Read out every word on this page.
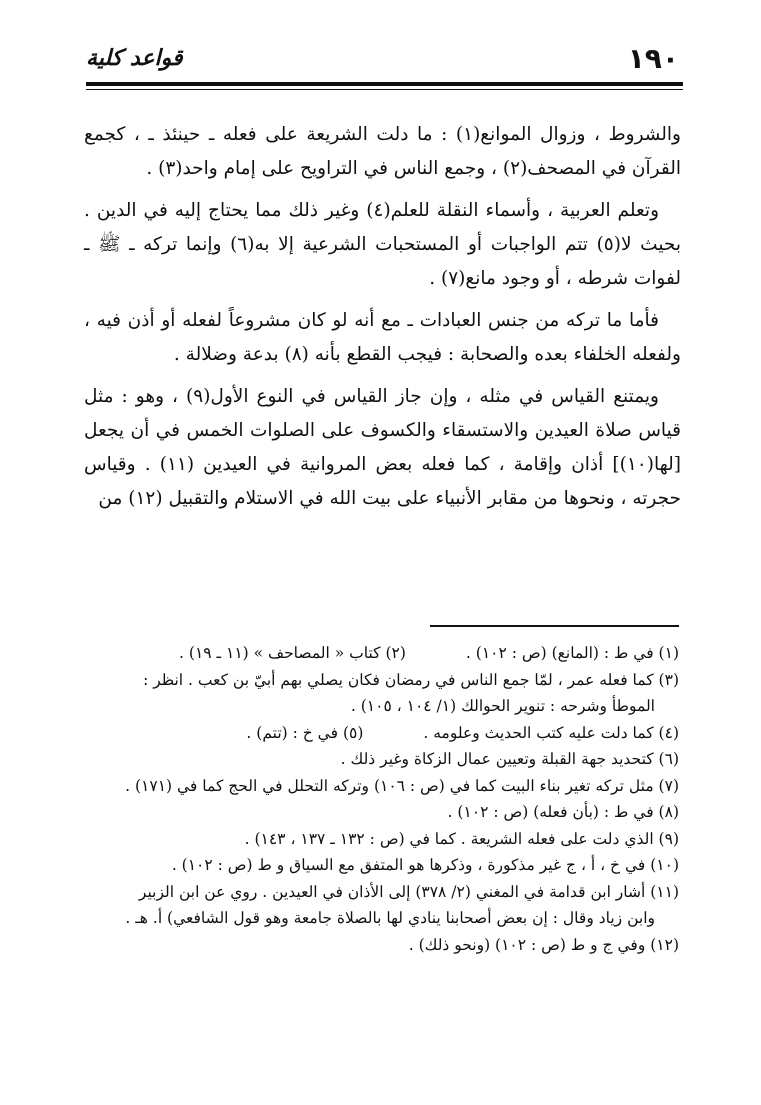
قواعد كلية	١٩٠

والشروط ، وزوال الموانع(١) : ما دلت الشريعة على فعله ـ حينئذ ـ ، كجمع القرآن في المصحف(٢) ، وجمع الناس في التراويح على إمام واحد(٣) .

وتعلم العربية ، وأسماء النقلة للعلم(٤) وغير ذلك مما يحتاج إليه في الدين . بحيث لا(٥) تتم الواجبات أو المستحبات الشرعية إلا به(٦) وإنما تركه ـ ﷺ ـ لفوات شرطه ، أو وجود مانع(٧) .

فأما ما تركه من جنس العبادات ـ مع أنه لو كان مشروعاً لفعله أو أذن فيه ، ولفعله الخلفاء بعده والصحابة : فيجب القطع بأنه (٨) بدعة وضلالة .

ويمتنع القياس في مثله ، وإن جاز القياس في النوع الأول(٩) ، وهو : مثل قياس صلاة العيدين والاستسقاء والكسوف على الصلوات الخمس في أن يجعل [لها(١٠)] أذان وإقامة ، كما فعله بعض المروانية في العيدين (١١) . وقياس حجرته ، ونحوها من مقابر الأنبياء على بيت الله في الاستلام والتقبيل (١٢) من

(١) في ط : (المانع) (ص : ١٠٢) .
(٢) كتاب « المصاحف » (١١ ـ ١٩) .

(٣) كما فعله عمر ، لمّا جمع الناس في رمضان فكان يصلي بهم أبيّ بن كعب . انظر :

الموطأ وشرحه : تنوير الحوالك (١/ ١٠٤ ، ١٠٥) .

(٤) كما دلت عليه كتب الحديث وعلومه .
(٥) في خ : (تتم) .

(٦) كتحديد جهة القبلة وتعيين عمال الزكاة وغير ذلك .

(٧) مثل تركه تغير بناء البيت كما في (ص : ١٠٦) وتركه التحلل في الحج كما في (١٧١) .

(٨) في ط : (بأن فعله) (ص : ١٠٢) .

(٩) الذي دلت على فعله الشريعة . كما في (ص : ١٣٢ ـ ١٣٧ ، ١٤٣) .

(١٠) في خ ، أ ، ج غير مذكورة ، وذكرها هو المتفق مع السياق و ط (ص : ١٠٢) .

(١١) أشار ابن قدامة في المغني (٢/ ٣٧٨) إلى الأذان في العيدين . روي عن ابن الزبير

وابن زياد وقال : إن بعض أصحابنا ينادي لها بالصلاة جامعة وهو قول الشافعي) أ. هـ .

(١٢) وفي ج و ط (ص : ١٠٢) (ونحو ذلك) .
